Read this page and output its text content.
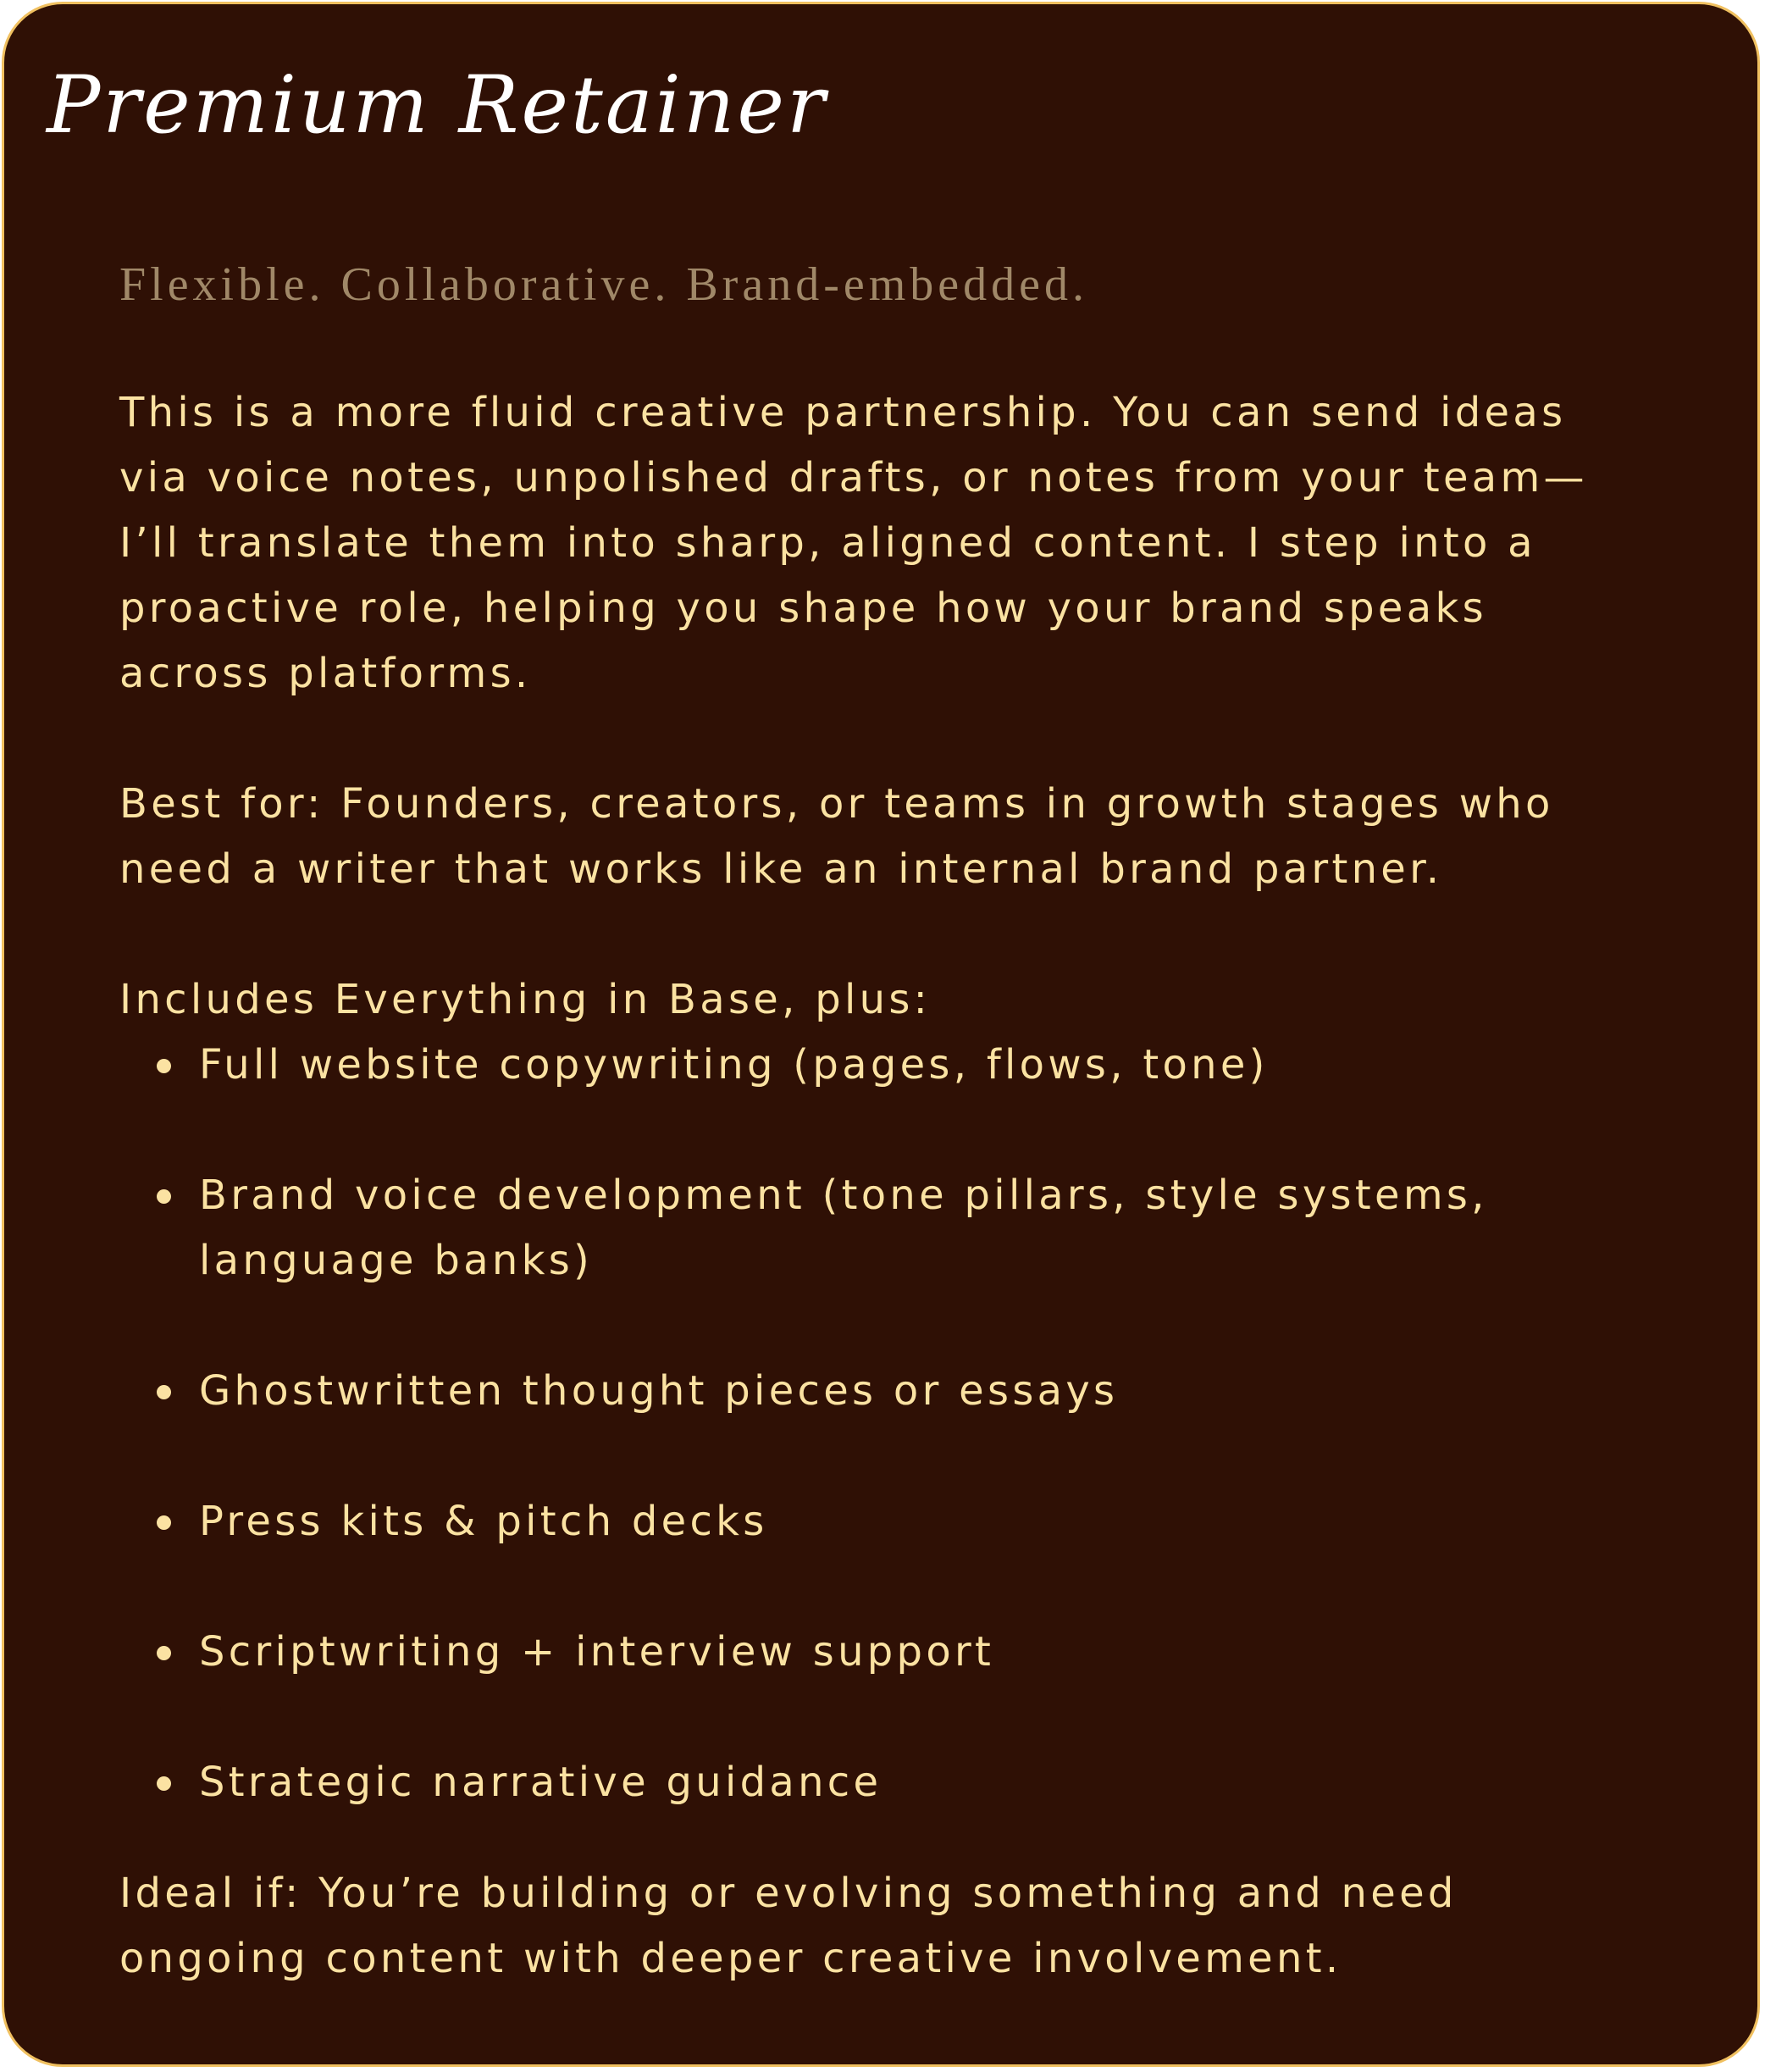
Premium Retainer

Flexible. Collaborative. Brand-embedded.

This is a more fluid creative partnership. You can send ideas

via voice notes, unpolished drafts, or notes from your team—

I’ll translate them into sharp, aligned content. I step into a

proactive role, helping you shape how your brand speaks

across platforms.

Best for: Founders, creators, or teams in growth stages who

need a writer that works like an internal brand partner.

Includes Everything in Base, plus:

Full website copywriting (pages, flows, tone)
Brand voice development (tone pillars, style systems,
language banks)
Ghostwritten thought pieces or essays
Press kits & pitch decks
Scriptwriting + interview support
Strategic narrative guidance

Ideal if: You’re building or evolving something and need

ongoing content with deeper creative involvement.
